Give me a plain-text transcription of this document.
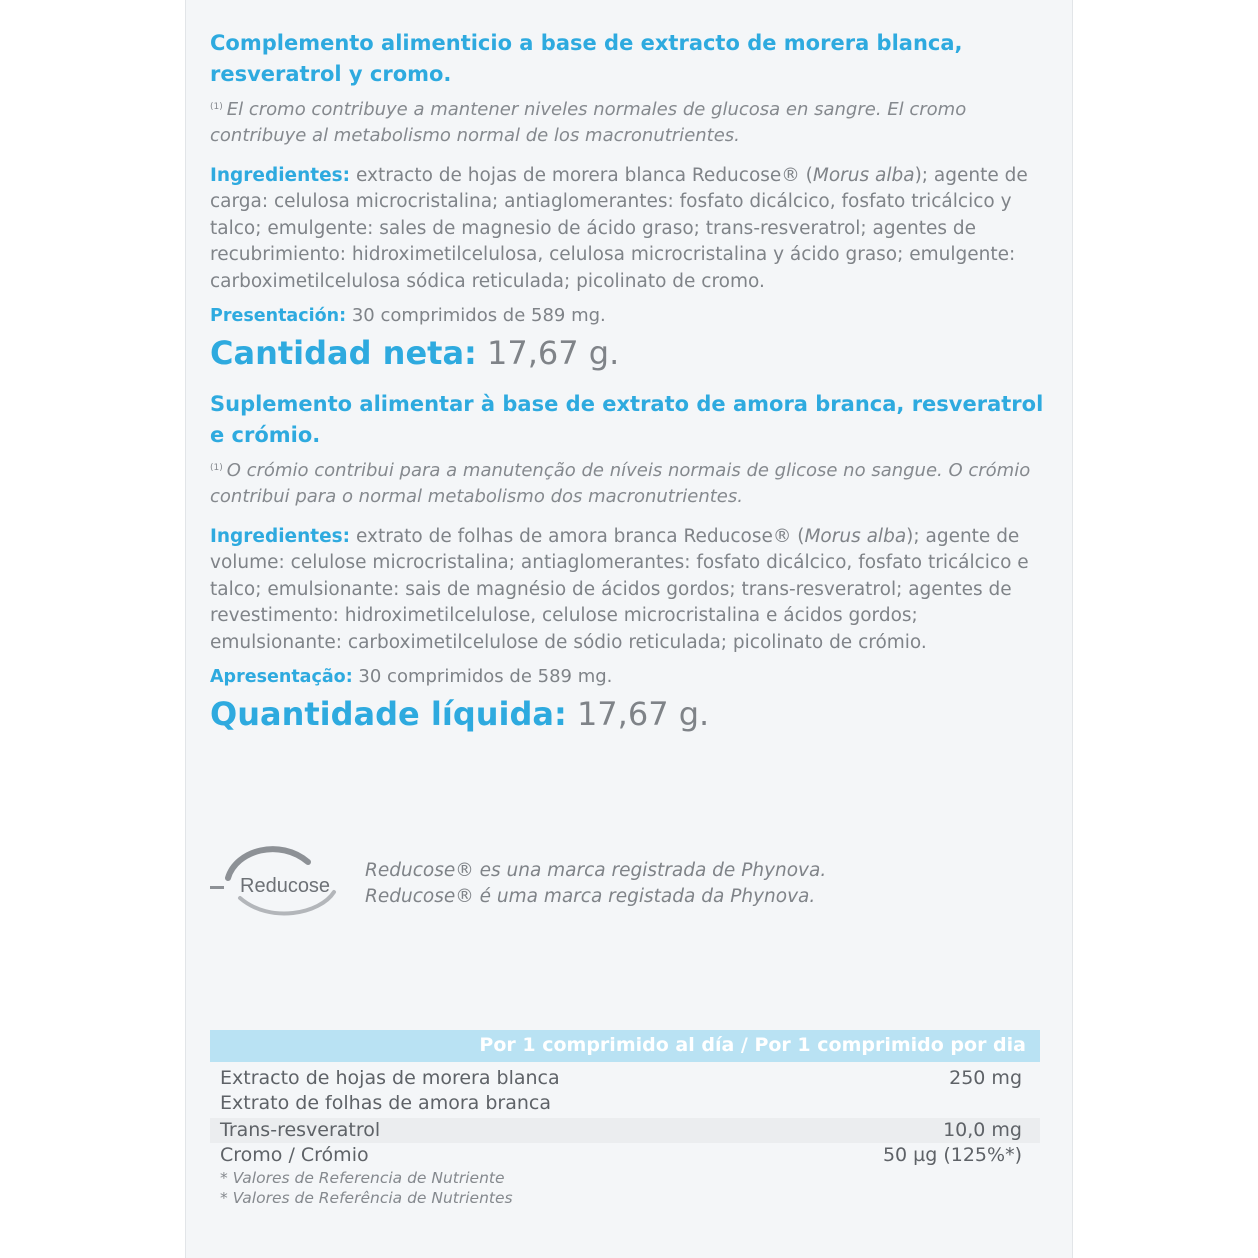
Complemento alimenticio a base de extracto de morera blanca, resveratrol y cromo.

$^{(1)}$ El cromo contribuye a mantener niveles normales de glucosa en sangre. El cromo contribuye al metabolismo normal de los macronutrientes.

Ingredientes: extracto de hojas de morera blanca Reducose® (Morus alba); agente de carga: celulosa microcristalina; antiaglomerantes: fosfato dicálcico, fosfato tricálcico y talco; emulgente: sales de magnesio de ácido graso; trans-resveratrol; agentes de recubrimiento: hidroximetilcelulosa, celulosa microcristalina y ácido graso; emulgente: carboximetilcelulosa sódica reticulada; picolinato de cromo.

Presentación: 30 comprimidos de 589 mg.

Cantidad neta: 17,67 g.

Suplemento alimentar à base de extrato de amora branca, resveratrol e crómio.

$^{(1)}$ O crómio contribui para a manutenção de níveis normais de glicose no sangue. O crómio contribui para o normal metabolismo dos macronutrientes.

Ingredientes: extrato de folhas de amora branca Reducose® (Morus alba); agente de volume: celulose microcristalina; antiaglomerantes: fosfato dicálcico, fosfato tricálcico e talco; emulsionante: sais de magnésio de ácidos gordos; trans-resveratrol; agentes de revestimento: hidroximetilcelulose, celulose microcristalina e ácidos gordos; emulsionante: carboximetilcelulose de sódio reticulada; picolinato de crómio.

Apresentação: 30 comprimidos de 589 mg.

Quantidade líquida: 17,67 g.

Reducose
Reducose® es una marca registrada de Phynova.
Reducose® é uma marca registada da Phynova.
Por 1 comprimido al día / Por 1 comprimido por dia
Extracto de hojas de morera blanca	250 mg
Extrato de folhas de amora branca
Trans-resveratrol	10,0 mg
Cromo / Crómio	50 µg (125%*)
* Valores de Referencia de Nutriente
* Valores de Referência de Nutrientes
